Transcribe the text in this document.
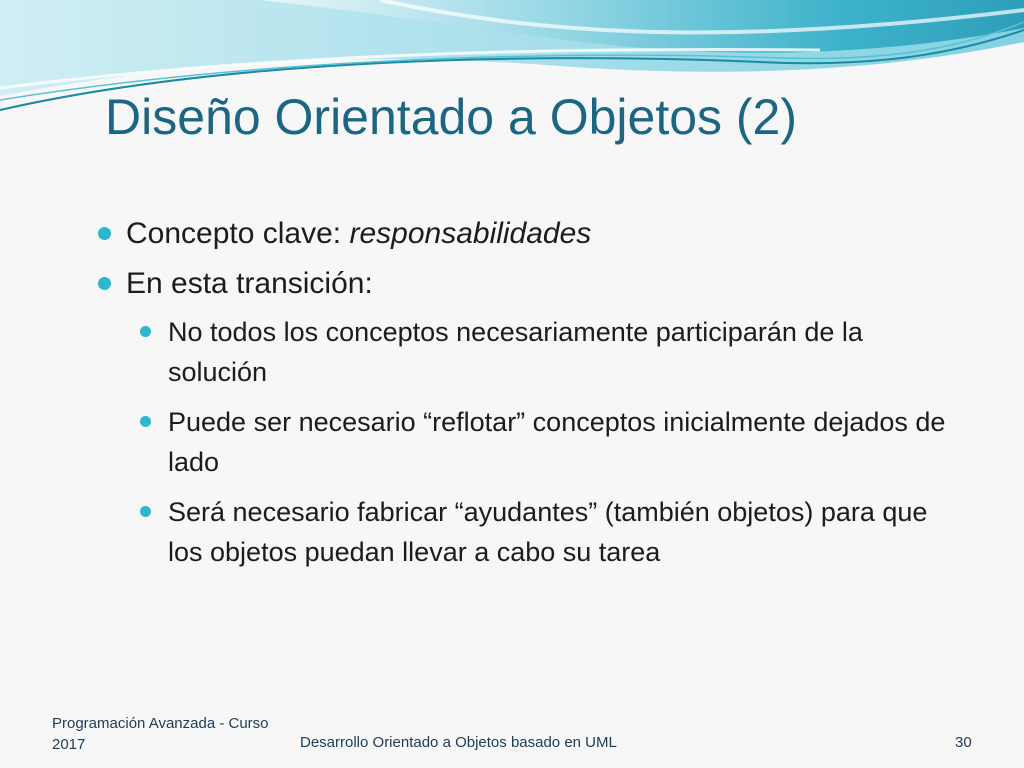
Diseño Orientado a Objetos (2)
Concepto clave: responsabilidades
En esta transición:
No todos los conceptos necesariamente participarán de la solución
Puede ser necesario “reflotar” conceptos inicialmente dejados de lado
Será necesario fabricar “ayudantes” (también objetos) para que los objetos puedan llevar a cabo su tarea
Programación Avanzada - Curso 2017	Desarrollo Orientado a Objetos basado en UML	30
